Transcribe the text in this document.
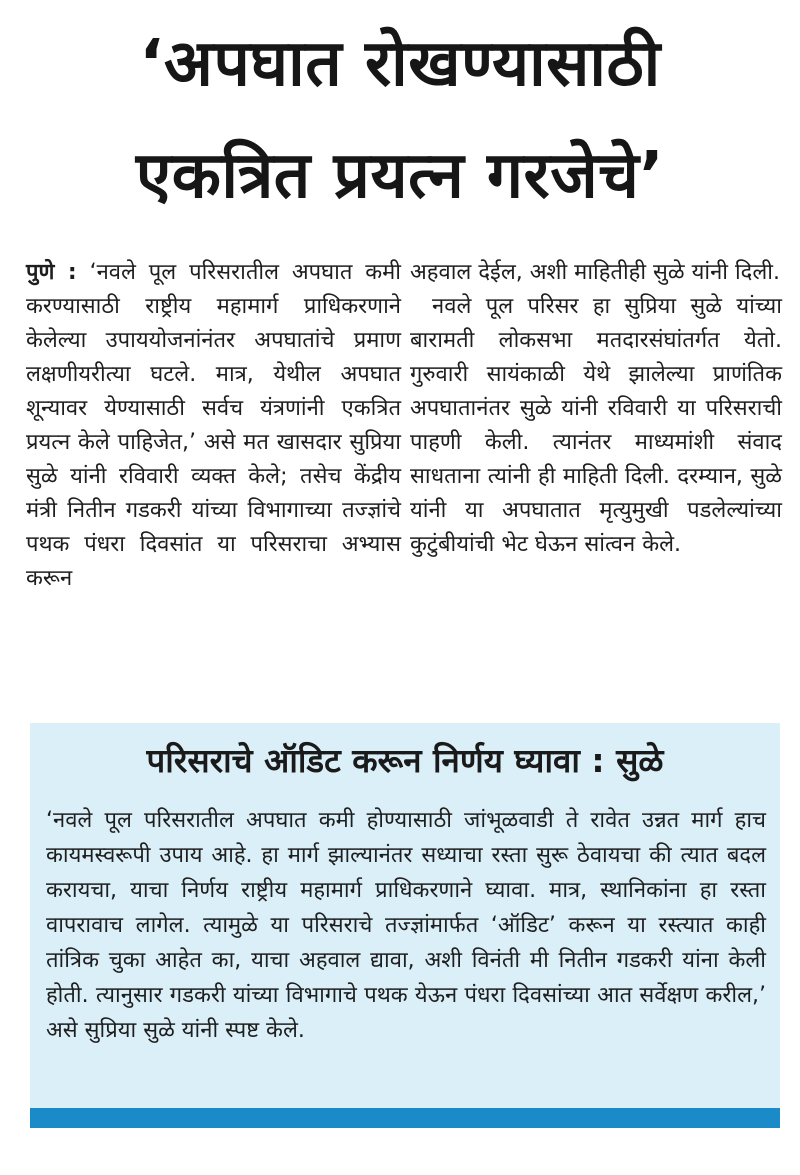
‘अपघात रोखण्यासाठी
एकत्रित प्रयत्न गरजेचे’

पुणे : ‘नवले पूल परिसरातील अपघात कमी करण्यासाठी राष्ट्रीय महामार्ग प्राधिकरणाने केलेल्या उपाययोजनांनंतर अपघातांचे प्रमाण लक्षणीयरीत्या घटले. मात्र, येथील अपघात शून्यावर येण्यासाठी सर्वच यंत्रणांनी एकत्रित प्रयत्न केले पाहिजेत,’ असे मत खासदार सुप्रिया सुळे यांनी रविवारी व्यक्त केले; तसेच केंद्रीय मंत्री नितीन गडकरी यांच्या विभागाच्या तज्ज्ञांचे पथक पंधरा दिवसांत या परिसराचा अभ्यास करून

अहवाल देईल, अशी माहितीही सुळे यांनी दिली.

नवले पूल परिसर हा सुप्रिया सुळे यांच्या बारामती लोकसभा मतदारसंघांतर्गत येतो. गुरुवारी सायंकाळी येथे झालेल्या प्राणंतिक अपघातानंतर सुळे यांनी रविवारी या परिसराची पाहणी केली. त्यानंतर माध्यमांशी संवाद साधताना त्यांनी ही माहिती दिली. दरम्यान, सुळे यांनी या अपघातात मृत्युमुखी पडलेल्यांच्या कुटुंबीयांची भेट घेऊन सांत्वन केले.

परिसराचे ऑडिट करून निर्णय घ्यावा : सुळे

‘नवले पूल परिसरातील अपघात कमी होण्यासाठी जांभूळवाडी ते रावेत उन्नत मार्ग हाच कायमस्वरूपी उपाय आहे. हा मार्ग झाल्यानंतर सध्याचा रस्ता सुरू ठेवायचा की त्यात बदल करायचा, याचा निर्णय राष्ट्रीय महामार्ग प्राधिकरणाने घ्यावा. मात्र, स्थानिकांना हा रस्ता वापरावाच लागेल. त्यामुळे या परिसराचे तज्ज्ञांमार्फत ‘ऑडिट’ करून या रस्त्यात काही तांत्रिक चुका आहेत का, याचा अहवाल द्यावा, अशी विनंती मी नितीन गडकरी यांना केली होती. त्यानुसार गडकरी यांच्या विभागाचे पथक येऊन पंधरा दिवसांच्या आत सर्वेक्षण करील,’ असे सुप्रिया सुळे यांनी स्पष्ट केले.
